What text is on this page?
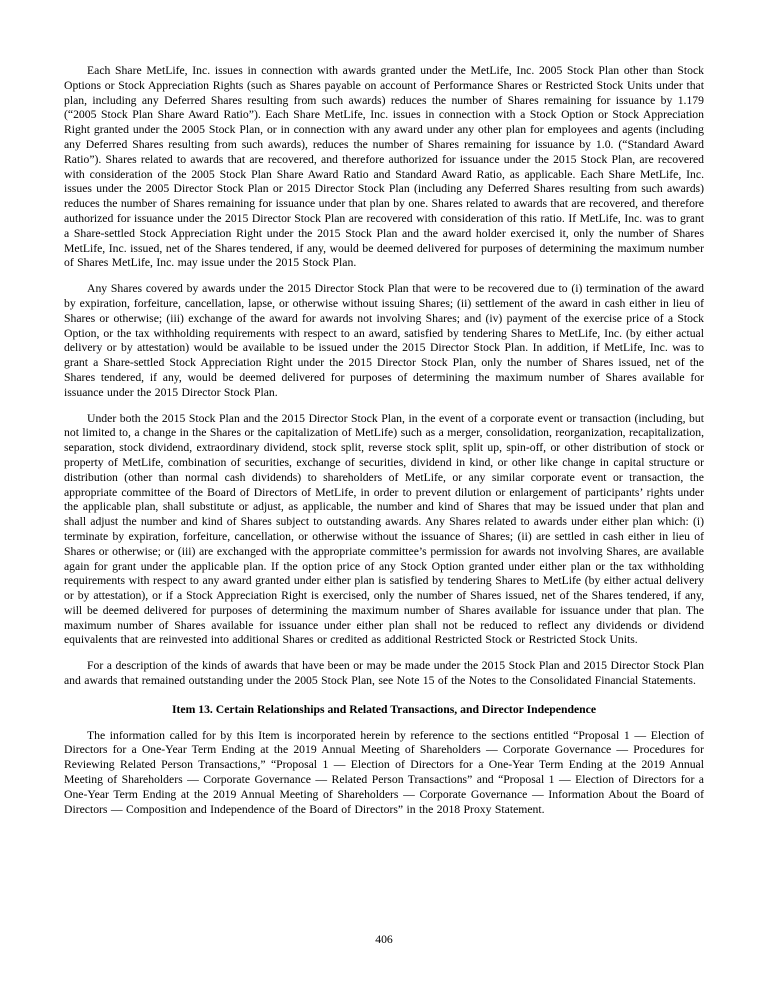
Each Share MetLife, Inc. issues in connection with awards granted under the MetLife, Inc. 2005 Stock Plan other than Stock Options or Stock Appreciation Rights (such as Shares payable on account of Performance Shares or Restricted Stock Units under that plan, including any Deferred Shares resulting from such awards) reduces the number of Shares remaining for issuance by 1.179 (“2005 Stock Plan Share Award Ratio”). Each Share MetLife, Inc. issues in connection with a Stock Option or Stock Appreciation Right granted under the 2005 Stock Plan, or in connection with any award under any other plan for employees and agents (including any Deferred Shares resulting from such awards), reduces the number of Shares remaining for issuance by 1.0. (“Standard Award Ratio”). Shares related to awards that are recovered, and therefore authorized for issuance under the 2015 Stock Plan, are recovered with consideration of the 2005 Stock Plan Share Award Ratio and Standard Award Ratio, as applicable. Each Share MetLife, Inc. issues under the 2005 Director Stock Plan or 2015 Director Stock Plan (including any Deferred Shares resulting from such awards) reduces the number of Shares remaining for issuance under that plan by one. Shares related to awards that are recovered, and therefore authorized for issuance under the 2015 Director Stock Plan are recovered with consideration of this ratio. If MetLife, Inc. was to grant a Share-settled Stock Appreciation Right under the 2015 Stock Plan and the award holder exercised it, only the number of Shares MetLife, Inc. issued, net of the Shares tendered, if any, would be deemed delivered for purposes of determining the maximum number of Shares MetLife, Inc. may issue under the 2015 Stock Plan.

Any Shares covered by awards under the 2015 Director Stock Plan that were to be recovered due to (i) termination of the award by expiration, forfeiture, cancellation, lapse, or otherwise without issuing Shares; (ii) settlement of the award in cash either in lieu of Shares or otherwise; (iii) exchange of the award for awards not involving Shares; and (iv) payment of the exercise price of a Stock Option, or the tax withholding requirements with respect to an award, satisfied by tendering Shares to MetLife, Inc. (by either actual delivery or by attestation) would be available to be issued under the 2015 Director Stock Plan. In addition, if MetLife, Inc. was to grant a Share-settled Stock Appreciation Right under the 2015 Director Stock Plan, only the number of Shares issued, net of the Shares tendered, if any, would be deemed delivered for purposes of determining the maximum number of Shares available for issuance under the 2015 Director Stock Plan.

Under both the 2015 Stock Plan and the 2015 Director Stock Plan, in the event of a corporate event or transaction (including, but not limited to, a change in the Shares or the capitalization of MetLife) such as a merger, consolidation, reorganization, recapitalization, separation, stock dividend, extraordinary dividend, stock split, reverse stock split, split up, spin-off, or other distribution of stock or property of MetLife, combination of securities, exchange of securities, dividend in kind, or other like change in capital structure or distribution (other than normal cash dividends) to shareholders of MetLife, or any similar corporate event or transaction, the appropriate committee of the Board of Directors of MetLife, in order to prevent dilution or enlargement of participants’ rights under the applicable plan, shall substitute or adjust, as applicable, the number and kind of Shares that may be issued under that plan and shall adjust the number and kind of Shares subject to outstanding awards. Any Shares related to awards under either plan which: (i) terminate by expiration, forfeiture, cancellation, or otherwise without the issuance of Shares; (ii) are settled in cash either in lieu of Shares or otherwise; or (iii) are exchanged with the appropriate committee’s permission for awards not involving Shares, are available again for grant under the applicable plan. If the option price of any Stock Option granted under either plan or the tax withholding requirements with respect to any award granted under either plan is satisfied by tendering Shares to MetLife (by either actual delivery or by attestation), or if a Stock Appreciation Right is exercised, only the number of Shares issued, net of the Shares tendered, if any, will be deemed delivered for purposes of determining the maximum number of Shares available for issuance under that plan. The maximum number of Shares available for issuance under either plan shall not be reduced to reflect any dividends or dividend equivalents that are reinvested into additional Shares or credited as additional Restricted Stock or Restricted Stock Units.

For a description of the kinds of awards that have been or may be made under the 2015 Stock Plan and 2015 Director Stock Plan and awards that remained outstanding under the 2005 Stock Plan, see Note 15 of the Notes to the Consolidated Financial Statements.

Item 13. Certain Relationships and Related Transactions, and Director Independence

The information called for by this Item is incorporated herein by reference to the sections entitled “Proposal 1 — Election of Directors for a One-Year Term Ending at the 2019 Annual Meeting of Shareholders — Corporate Governance — Procedures for Reviewing Related Person Transactions,” “Proposal 1 — Election of Directors for a One-Year Term Ending at the 2019 Annual Meeting of Shareholders — Corporate Governance — Related Person Transactions” and “Proposal 1 — Election of Directors for a One-Year Term Ending at the 2019 Annual Meeting of Shareholders — Corporate Governance — Information About the Board of Directors — Composition and Independence of the Board of Directors” in the 2018 Proxy Statement.

406
